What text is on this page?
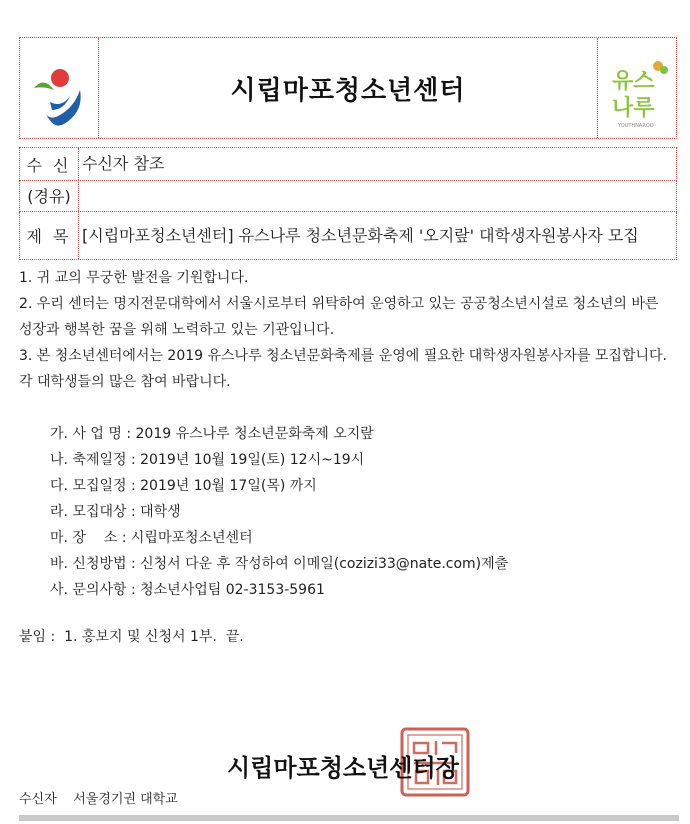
시립마포청소년센터	유스
나루
YOUTHNAROO
수 신 수신자 참조
(경유)
제 목 [시립마포청소년센터] 유스나루 청소년문화축제 '오지랖' 대학생자원봉사자 모집
1. 귀 교의 무궁한 발전을 기원합니다.
2. 우리 센터는 명지전문대학에서 서울시로부터 위탁하여 운영하고 있는 공공청소년시설로 청소년의 바른 성장과 행복한 꿈을 위해 노력하고 있는 기관입니다.
3. 본 청소년센터에서는 2019 유스나루 청소년문화축제를 운영에 필요한 대학생자원봉사자를 모집합니다. 각 대학생들의 많은 참여 바랍니다.
가. 사 업 명 : 2019 유스나루 청소년문화축제 오지랖
나. 축제일정 : 2019년 10월 19일(토) 12시~19시
다. 모집일정 : 2019년 10월 17일(목) 까지
라. 모집대상 : 대학생
마. 장    소 : 시립마포청소년센터
바. 신청방법 : 신청서 다운 후 작성하여 이메일(cozizi33@nate.com)제출
사. 문의사항 : 청소년사업팀 02-3153-5961
붙임 :  1. 홍보지 및 신청서 1부.  끝.
시립마포청소년센터장
수신자    서울경기권 대학교
